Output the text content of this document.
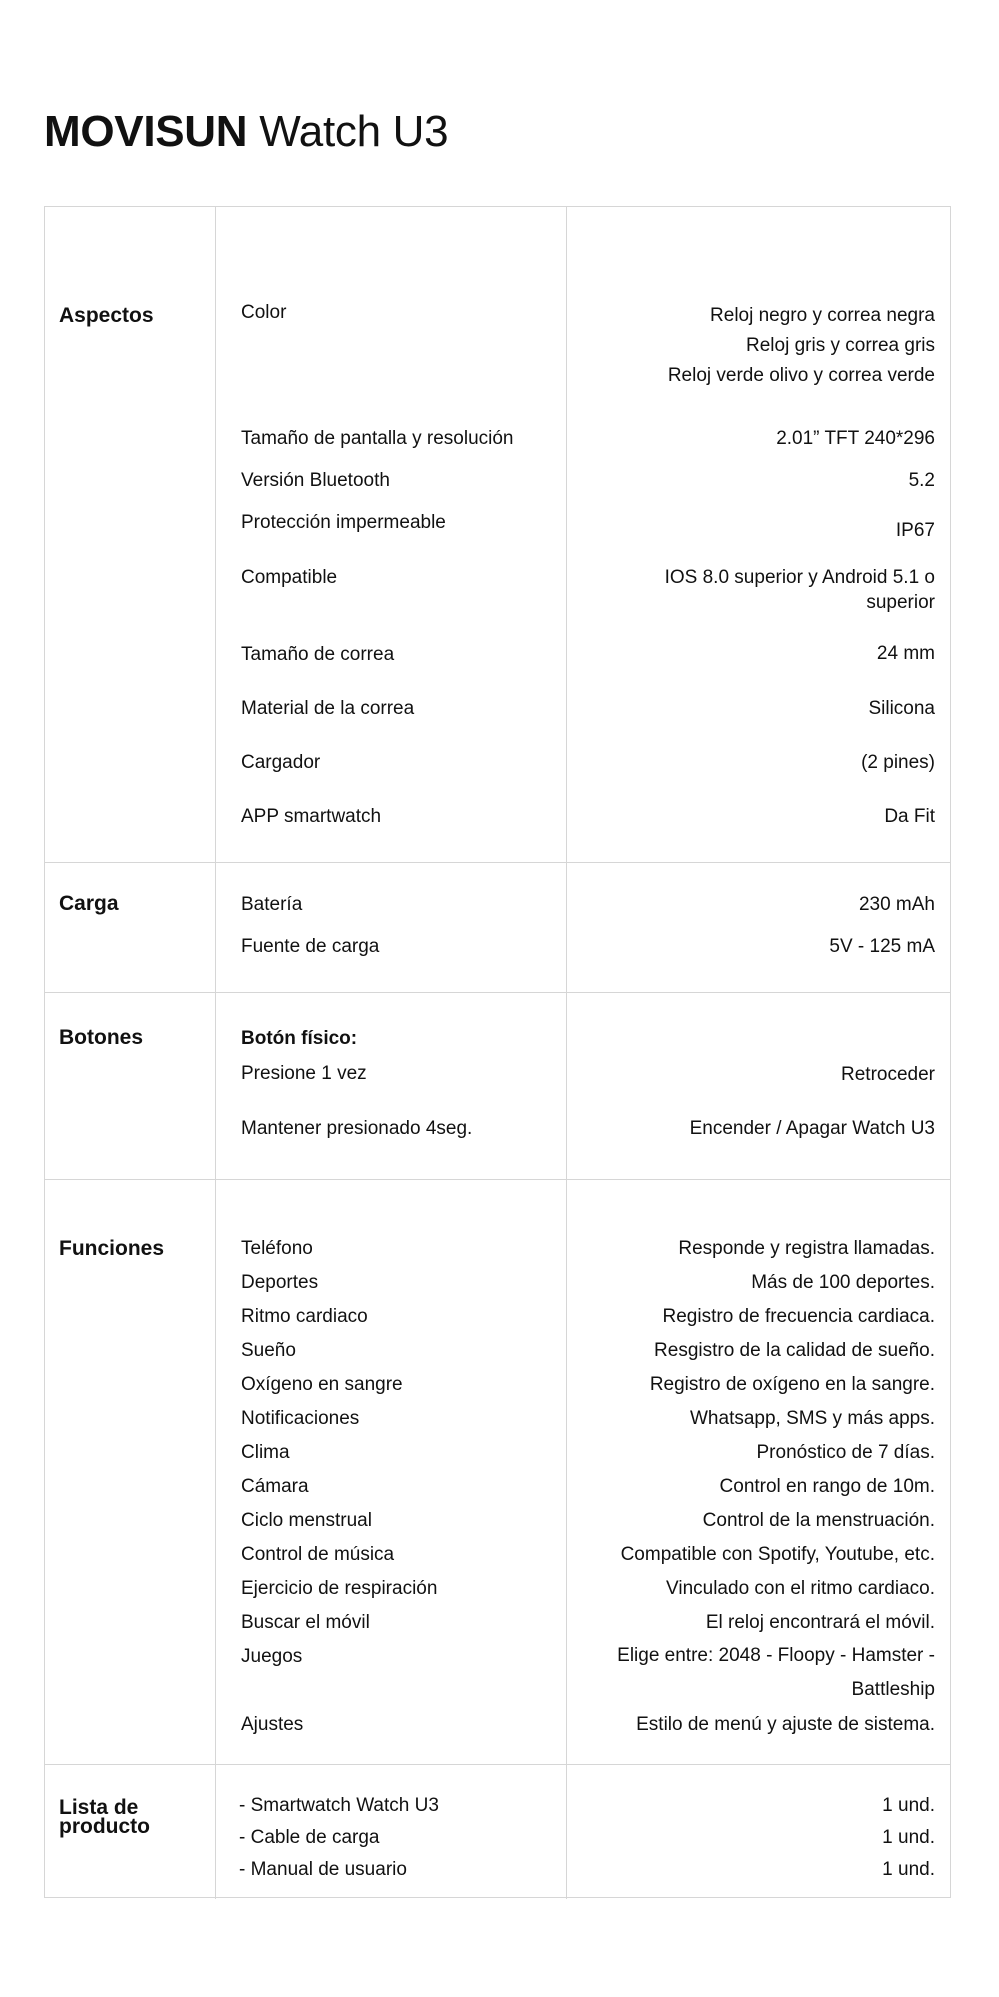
MOVISUN Watch U3
Aspectos	Color	Reloj negro y correa negra
Reloj gris y correa gris
Reloj verde olivo y correa verde
Tamaño de pantalla y resolución	2.01” TFT 240*296
Versión Bluetooth	5.2
Protección impermeable	IP67
Compatible	IOS 8.0 superior y Android 5.1 o superior
Tamaño de correa	24 mm
Material de la correa	Silicona
Cargador	(2 pines)
APP smartwatch	Da Fit
Carga	Batería	230 mAh
Fuente de carga	5V - 125 mA
Botones	Botón físico:
Presione 1 vez	Retroceder
Mantener presionado 4seg.	Encender / Apagar Watch U3
Funciones	Teléfono	Responde y registra llamadas.
Deportes	Más de 100 deportes.
Ritmo cardiaco	Registro de frecuencia cardiaca.
Sueño	Resgistro de la calidad de sueño.
Oxígeno en sangre	Registro de oxígeno en la sangre.
Notificaciones	Whatsapp, SMS y más apps.
Clima	Pronóstico de 7 días.
Cámara	Control en rango de 10m.
Ciclo menstrual	Control de la menstruación.
Control de música	Compatible con Spotify, Youtube, etc.
Ejercicio de respiración	Vinculado con el ritmo cardiaco.
Buscar el móvil	El reloj encontrará el móvil.
Juegos	Elige entre: 2048 - Floopy - Hamster - Battleship
Ajustes	Estilo de menú y ajuste de sistema.
Lista de producto
- Smartwatch Watch U3	1 und.
- Cable de carga	1 und.
- Manual de usuario	1 und.
